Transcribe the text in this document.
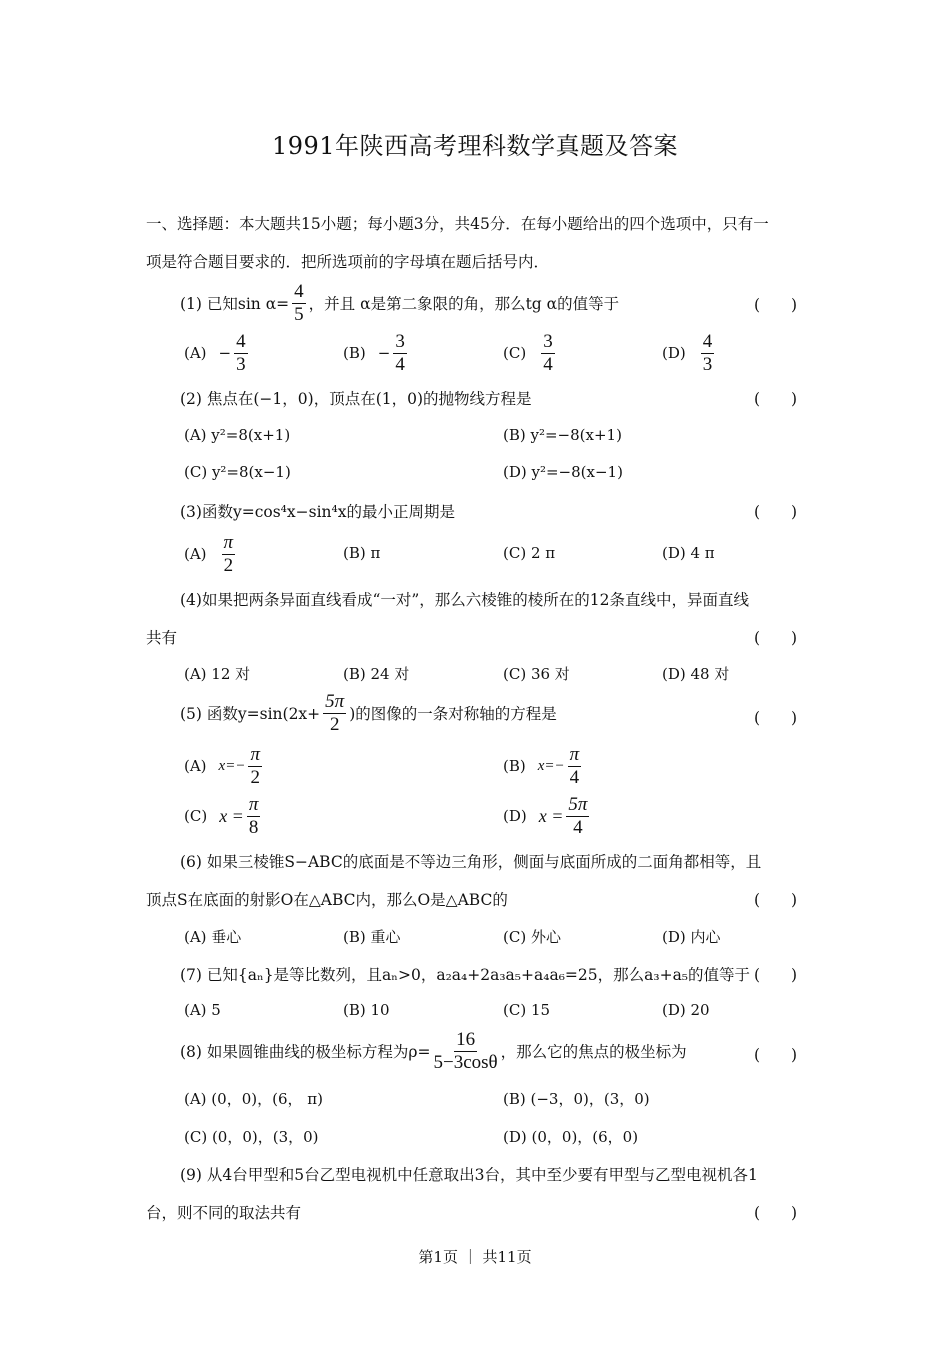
1991年陕西高考理科数学真题及答案
一、选择题：本大题共15小题；每小题3分，共45分．在每小题给出的四个选项中，只有一
项是符合题目要求的．把所选项前的字母填在题后括号内．
(1) 已知$\sin \alpha= \frac{4}{5}$ ，并且 α是第二象限的角，那么tg α的值等于	(　　)
$(A) - \frac{4}{3}$	$(B) - \frac{3}{4}$	$(C) \frac{3}{4}$	$(D) \frac{4}{3}$
(2) 焦点在(−1，0)，顶点在(1，0)的抛物线方程是	(　　)
(A) y²=8(x+1)	(B) y²=−8(x+1)
(C) y²=8(x−1)	(D) y²=−8(x−1)
(3)函数y=cos⁴x−sin⁴x的最小正周期是	(　　)
$(A) \frac{\pi}{2}$	(B) π	(C) 2 π	(D) 4 π
(4)如果把两条异面直线看成“一对”，那么六棱锥的棱所在的12条直线中，异面直线
共有	(　　)
(A) 12 对	(B) 24 对	(C) 36 对	(D) 48 对
(5) 函数$y=\sin(2x+ \frac{5\pi}{2}$ )的图像的一条对称轴的方程是	(　　)
(A) $x=- \frac{\pi}{2}$	(B) $x=- \frac{\pi}{4}$
(C) $x = \frac{\pi}{8}$	(D) $x = \frac{5\pi}{4}$
(6) 如果三棱锥S−ABC的底面是不等边三角形，侧面与底面所成的二面角都相等，且
顶点S在底面的射影O在△ABC内，那么O是△ABC的	(　　)
(A) 垂心	(B) 重心	(C) 外心	(D) 内心
(7) 已知{aₙ}是等比数列，且aₙ>0，a₂a₄+2a₃a₅+a₄a₆=25，那么a₃+a₅的值等于 (　　)
(A) 5	(B) 10	(C) 15	(D) 20
(8) 如果圆锥曲线的极坐标方程为$\rho= \frac{16}{5-3\cos\theta}$ ，那么它的焦点的极坐标为	(　　)
(A) (0，0)，(6， π)	(B) (−3，0)，(3，0)
(C) (0，0)，(3，0)	(D) (0，0)，(6，0)
(9) 从4台甲型和5台乙型电视机中任意取出3台，其中至少要有甲型与乙型电视机各1
台，则不同的取法共有	(　　)
第1页 ｜ 共11页
